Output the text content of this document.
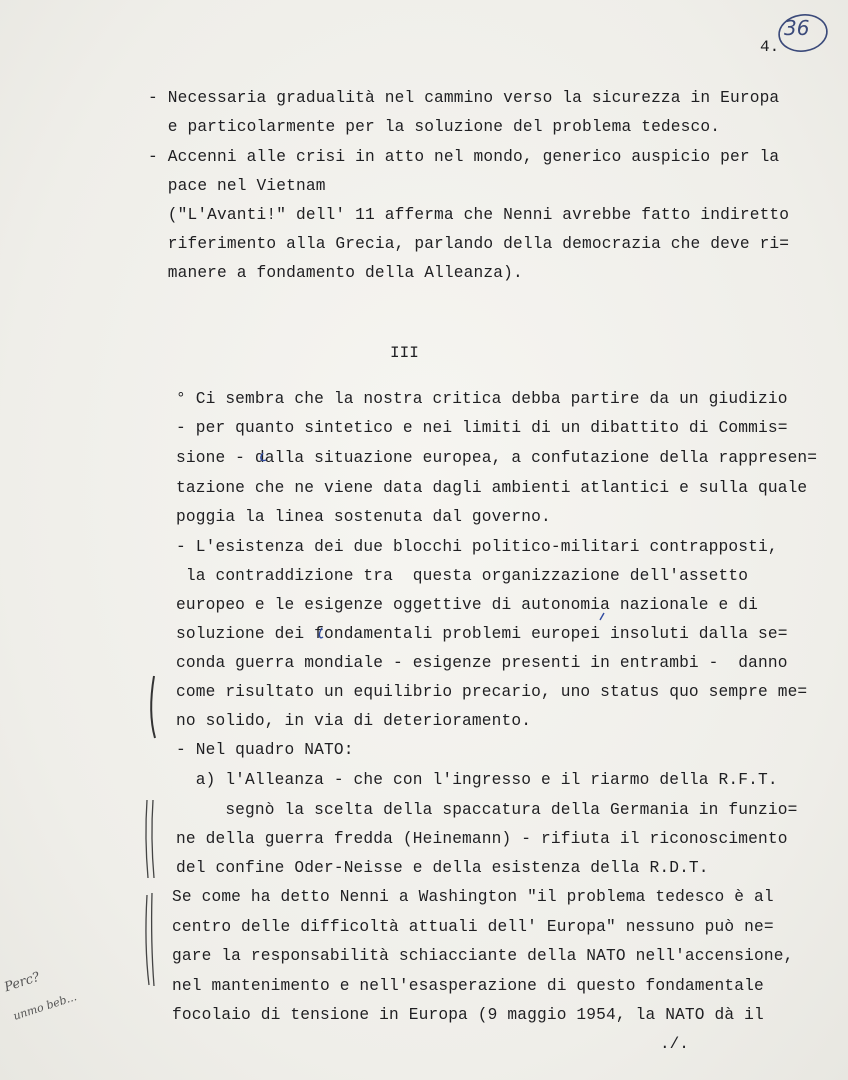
4.
36
- Necessaria gradualità nel cammino verso la sicurezza in Europa
e particolarmente per la soluzione del problema tedesco.
- Accenni alle crisi in atto nel mondo, generico auspicio per la
pace nel Vietnam
("L'Avanti!" dell' 11 afferma che Nenni avrebbe fatto indiretto
riferimento alla Grecia, parlando della democrazia che deve ri=
manere a fondamento della Alleanza).
III
° Ci sembra che la nostra critica debba partire da un giudizio
- per quanto sintetico e nei limiti di un dibattito di Commis=
sione - dalla situazione europea, a confutazione della rappresen=
tazione che ne viene data dagli ambienti atlantici e sulla quale
poggia la linea sostenuta dal governo.
- L'esistenza dei due blocchi politico-militari contrapposti,
la contraddizione tra  questa organizzazione dell'assetto
europeo e le esigenze oggettive di autonomia nazionale e di
soluzione dei fondamentali problemi europei insoluti dalla se=
conda guerra mondiale - esigenze presenti in entrambi -  danno
come risultato un equilibrio precario, uno status quo sempre me=
no solido, in via di deterioramento.
- Nel quadro NATO:
a) l'Alleanza - che con l'ingresso e il riarmo della R.F.T.
segnò la scelta della spaccatura della Germania in funzio=
ne della guerra fredda (Heinemann) - rifiuta il riconoscimento
del confine Oder-Neisse e della esistenza della R.D.T.
Se come ha detto Nenni a Washington "il problema tedesco è al
centro delle difficoltà attuali dell' Europa" nessuno può ne=
gare la responsabilità schiacciante della NATO nell'accensione,
nel mantenimento e nell'esasperazione di questo fondamentale
focolaio di tensione in Europa (9 maggio 1954, la NATO dà il
Perc?
unmo beb...
./.
